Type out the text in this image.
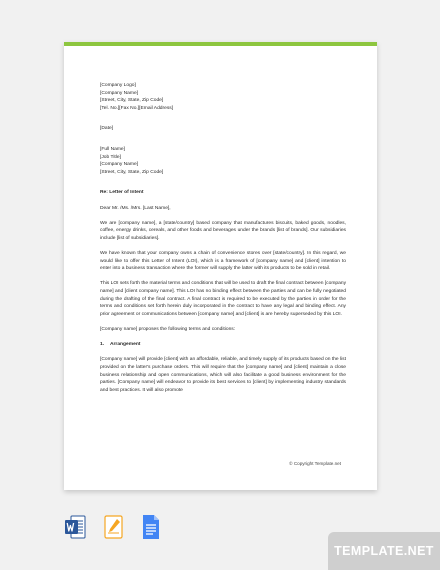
[Company Logo]

[Company Name]

[Street, City, State, Zip Code]

[Tel. No.][Fax No.][Email Address]

[Date]

[Full Name]

[Job Title]

[Company Name]

[Street, City, State, Zip Code]

Re: Letter of Intent

Dear Mr. /Ms. /Mrs. [Last Name],

We are [company name], a [state/country] based company that manufactures biscuits, baked goods, noodles, coffee, energy drinks, cereals, and other foods and beverages under the brands [list of brands]. Our subsidiaries include [list of subsidiaries].

We have known that your company owns a chain of convenience stores over [state/country]. In this regard, we would like to offer this Letter of Intent (LOI), which is a framework of [company name] and [client] intention to enter into a business transaction where the former will supply the latter with its products to be sold in retail.

This LOI sets forth the material terms and conditions that will be used to draft the final contract between [company name] and [client company name]. This LOI has no binding effect between the parties and can be fully negotiated during the drafting of the final contract. A final contract is required to be executed by the parties in order for the terms and conditions set forth herein duly incorporated in the contract to have any legal and binding effect. Any prior agreement or communications between [company name] and [client] is are hereby superseded by this LOI.

[Company name] proposes the following terms and conditions:

1.	Arrangement

[Company name] will provide [client] with an affordable, reliable, and timely supply of its products based on the list provided on the latter's purchase orders. This will require that the [company name] and [client] maintain a close business relationship and open communications, which will also facilitate a good business environment for the parties. [Company name] will endeavor to provide its best services to [client] by implementing industry standards and best practices. It will also promote

© Copyright Template.net
TEMPLATE.NET
